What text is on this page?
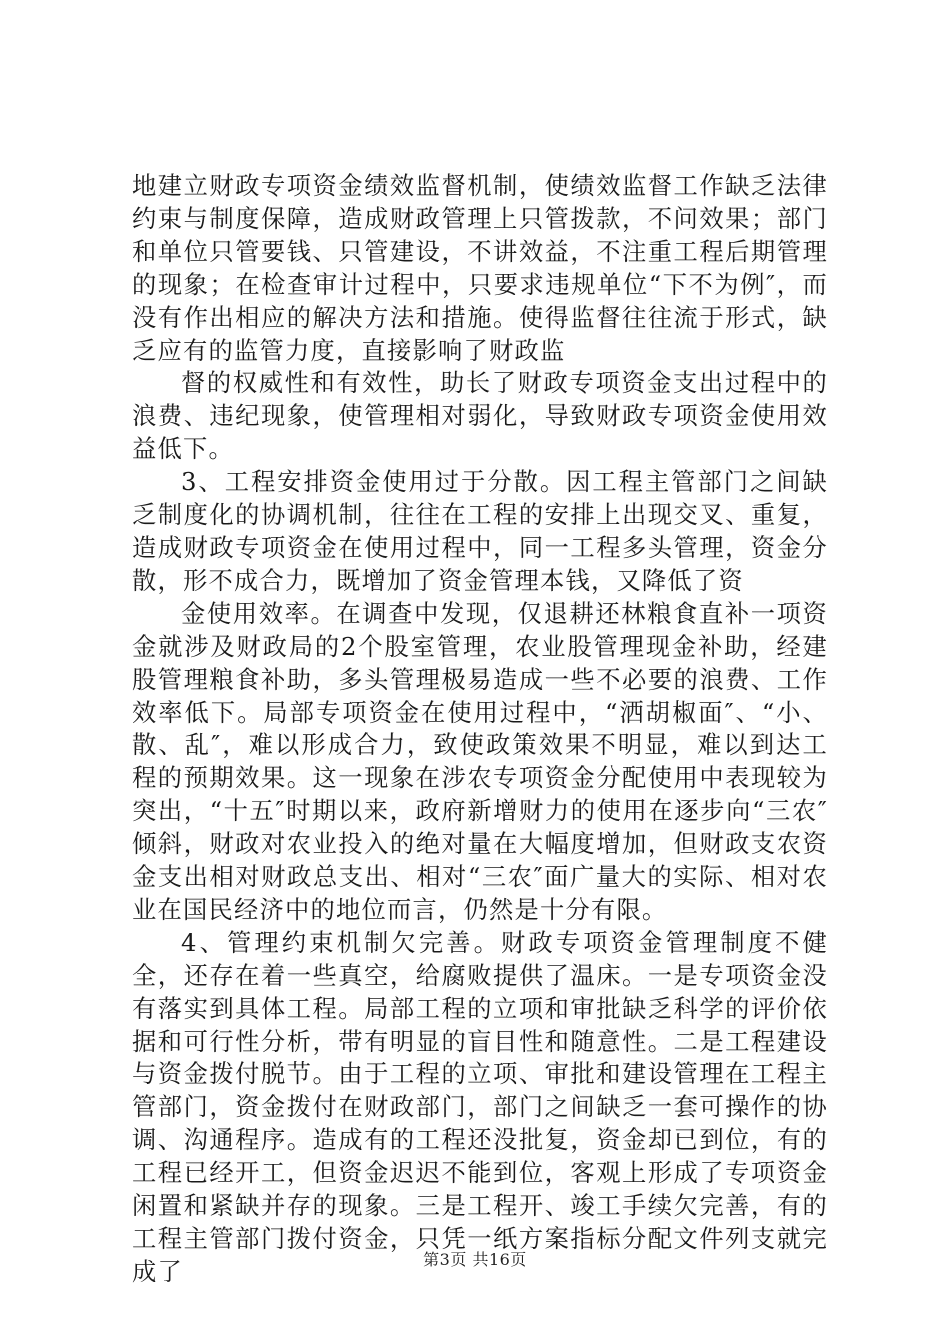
地建立财政专项资金绩效监督机制，使绩效监督工作缺乏法律约束与制度保障，造成财政管理上只管拨款，不问效果；部门和单位只管要钱、只管建设，不讲效益，不注重工程后期管理的现象；在检查审计过程中，只要求违规单位“下不为例″，而没有作出相应的解决方法和措施。使得监督往往流于形式，缺乏应有的监管力度，直接影响了财政监

督的权威性和有效性，助长了财政专项资金支出过程中的浪费、违纪现象，使管理相对弱化，导致财政专项资金使用效益低下。

3、工程安排资金使用过于分散。因工程主管部门之间缺乏制度化的协调机制，往往在工程的安排上出现交叉、重复，造成财政专项资金在使用过程中，同一工程多头管理，资金分散，形不成合力，既增加了资金管理本钱，又降低了资

金使用效率。在调查中发现，仅退耕还林粮食直补一项资金就涉及财政局的2个股室管理，农业股管理现金补助，经建股管理粮食补助，多头管理极易造成一些不必要的浪费、工作效率低下。局部专项资金在使用过程中，“洒胡椒面″、“小、散、乱″，难以形成合力，致使政策效果不明显，难以到达工程的预期效果。这一现象在涉农专项资金分配使用中表现较为突出，“十五″时期以来，政府新增财力的使用在逐步向“三农″倾斜，财政对农业投入的绝对量在大幅度增加，但财政支农资金支出相对财政总支出、相对“三农″面广量大的实际、相对农业在国民经济中的地位而言，仍然是十分有限。

4、管理约束机制欠完善。财政专项资金管理制度不健全，还存在着一些真空，给腐败提供了温床。一是专项资金没有落实到具体工程。局部工程的立项和审批缺乏科学的评价依据和可行性分析，带有明显的盲目性和随意性。二是工程建设与资金拨付脱节。由于工程的立项、审批和建设管理在工程主管部门，资金拨付在财政部门，部门之间缺乏一套可操作的协调、沟通程序。造成有的工程还没批复，资金却已到位，有的工程已经开工，但资金迟迟不能到位，客观上形成了专项资金闲置和紧缺并存的现象。三是工程开、竣工手续欠完善，有的工程主管部门拨付资金，只凭一纸方案指标分配文件列支就完成了	第3页 共16页
